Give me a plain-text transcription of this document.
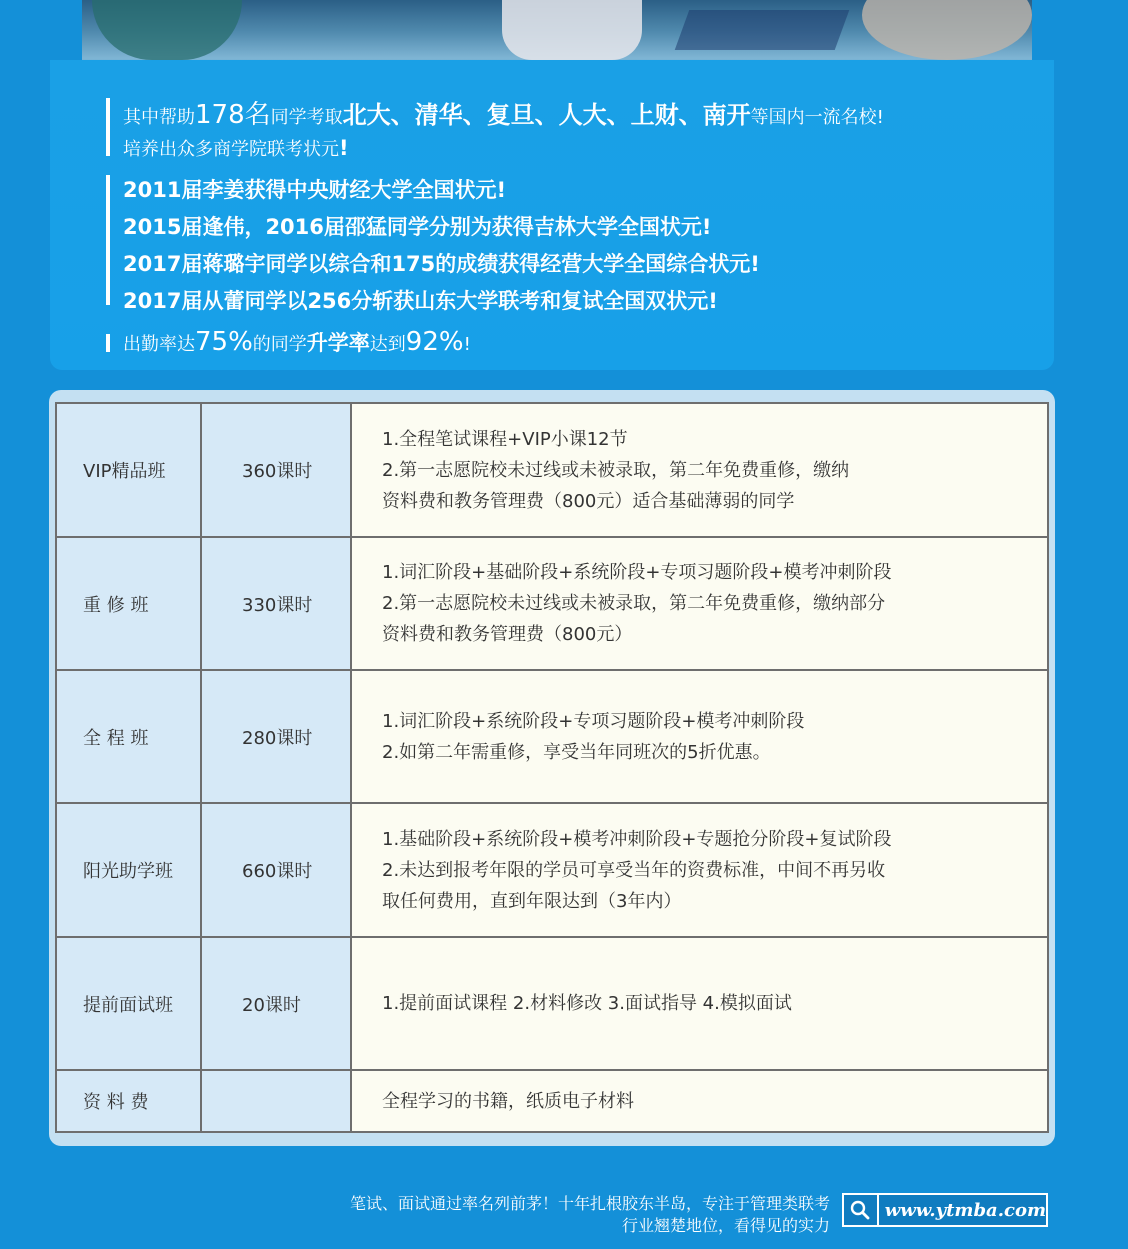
其中帮助178名同学考取北大、清华、复旦、人大、上财、南开等国内一流名校!
培养出众多商学院联考状元!
2011届李姜获得中央财经大学全国状元!
2015届逢伟，2016届邵猛同学分别为获得吉林大学全国状元!
2017届蒋璐宇同学以综合和175的成绩获得经营大学全国综合状元!
2017届从蕾同学以256分斩获山东大学联考和复试全国双状元!
出勤率达75%的同学升学率达到92%!
VIP精品班	360课时	1.全程笔试课程+VIP小课12节
2.第一志愿院校未过线或未被录取，第二年免费重修，缴纳
资料费和教务管理费（800元）适合基础薄弱的同学

重 修 班	330课时	1.词汇阶段+基础阶段+系统阶段+专项习题阶段+模考冲刺阶段
2.第一志愿院校未过线或未被录取，第二年免费重修，缴纳部分
资料费和教务管理费（800元）

全 程 班	280课时	1.词汇阶段+系统阶段+专项习题阶段+模考冲刺阶段
2.如第二年需重修，享受当年同班次的5折优惠。

阳光助学班	660课时	1.基础阶段+系统阶段+模考冲刺阶段+专题抢分阶段+复试阶段
2.未达到报考年限的学员可享受当年的资费标准，中间不再另收
取任何费用，直到年限达到（3年内）

提前面试班	20课时	1.提前面试课程 2.材料修改 3.面试指导 4.模拟面试

资 料 费		全程学习的书籍，纸质电子材料
笔试、面试通过率名列前茅！十年扎根胶东半岛，专注于管理类联考
行业翘楚地位，看得见的实力
www.ytmba.com
